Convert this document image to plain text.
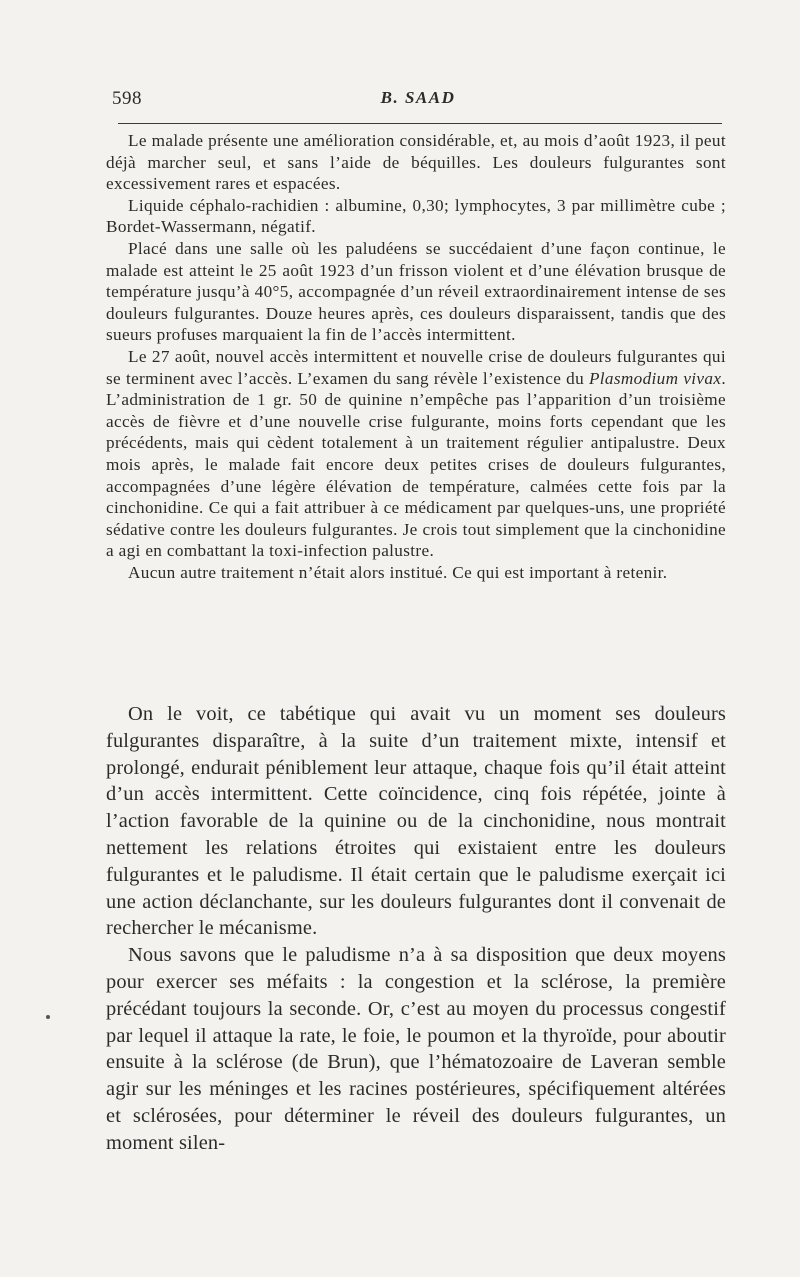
598	B. SAAD

Le malade présente une amélioration considérable, et, au mois d’août 1923, il peut déjà marcher seul, et sans l’aide de béquilles. Les douleurs fulgurantes sont excessivement rares et espacées.

Liquide céphalo-rachidien : albumine, 0,30; lymphocytes, 3 par millimètre cube ; Bordet-Wassermann, négatif.

Placé dans une salle où les paludéens se succédaient d’une façon continue, le malade est atteint le 25 août 1923 d’un frisson violent et d’une élévation brusque de température jusqu’à 40°5, accompagnée d’un réveil extraordinairement intense de ses douleurs fulgurantes. Douze heures après, ces douleurs disparaissent, tandis que des sueurs profuses marquaient la fin de l’accès intermittent.

Le 27 août, nouvel accès intermittent et nouvelle crise de douleurs fulgurantes qui se terminent avec l’accès. L’examen du sang révèle l’existence du Plasmodium vivax. L’administration de 1 gr. 50 de quinine n’empêche pas l’apparition d’un troisième accès de fièvre et d’une nouvelle crise fulgurante, moins forts cependant que les précédents, mais qui cèdent totalement à un traitement régulier antipalustre. Deux mois après, le malade fait encore deux petites crises de douleurs fulgurantes, accompagnées d’une légère élévation de température, calmées cette fois par la cinchonidine. Ce qui a fait attribuer à ce médicament par quelques-uns, une propriété sédative contre les douleurs fulgurantes. Je crois tout simplement que la cinchonidine a agi en combattant la toxi-infection palustre.

Aucun autre traitement n’était alors institué. Ce qui est important à retenir.

On le voit, ce tabétique qui avait vu un moment ses douleurs fulgurantes disparaître, à la suite d’un traitement mixte, intensif et prolongé, endurait péniblement leur attaque, chaque fois qu’il était atteint d’un accès intermittent. Cette coïncidence, cinq fois répétée, jointe à l’action favorable de la quinine ou de la cinchonidine, nous montrait nettement les relations étroites qui existaient entre les douleurs fulgurantes et le paludisme. Il était certain que le paludisme exerçait ici une action déclanchante, sur les douleurs fulgurantes dont il convenait de rechercher le mécanisme.

Nous savons que le paludisme n’a à sa disposition que deux moyens pour exercer ses méfaits : la congestion et la sclérose, la première précédant toujours la seconde. Or, c’est au moyen du processus congestif par lequel il attaque la rate, le foie, le poumon et la thyroïde, pour aboutir ensuite à la sclérose (de Brun), que l’hématozoaire de Laveran semble agir sur les méninges et les racines postérieures, spécifiquement altérées et sclérosées, pour déterminer le réveil des douleurs fulgurantes, un moment silen-
